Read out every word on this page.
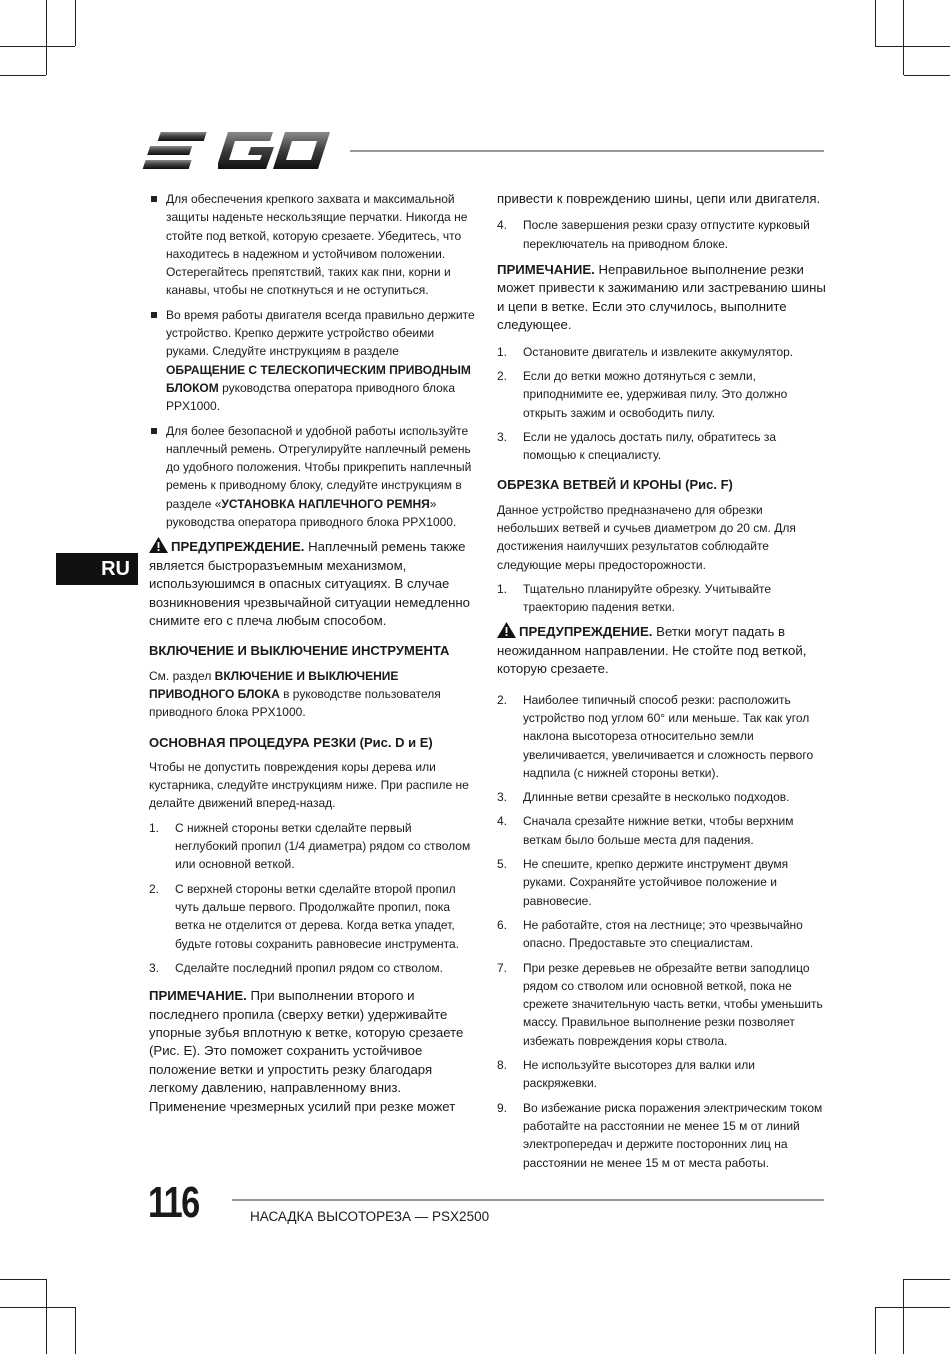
EGO
RU
Для обеспечения крепкого захвата и максимальной защиты наденьте нескользящие перчатки. Никогда не стойте под веткой, которую срезаете. Убедитесь, что находитесь в надежном и устойчивом положении. Остерегайтесь препятствий, таких как пни, корни и канавы, чтобы не споткнуться и не оступиться.
Во время работы двигателя всегда правильно держите устройство. Крепко держите устройство обеими руками. Следуйте инструкциям в разделе ОБРАЩЕНИЕ С ТЕЛЕСКОПИЧЕСКИМ ПРИВОДНЫМ БЛОКОМ руководства оператора приводного блока PPX1000.
Для более безопасной и удобной работы используйте наплечный ремень. Отрегулируйте наплечный ремень до удобного положения. Чтобы прикрепить наплечный ремень к приводному блоку, следуйте инструкциям в разделе «УСТАНОВКА НАПЛЕЧНОГО РЕМНЯ» руководства оператора приводного блока PPX1000.

ПРЕДУПРЕЖДЕНИЕ. Наплечный ремень также является быстроразъемным механизмом, используюшимся в опасных ситуациях. В случае возникновения чрезвычайной ситуации немедленно снимите его с плеча любым способом.

ВКЛЮЧЕНИЕ И ВЫКЛЮЧЕНИЕ ИНСТРУМЕНТА

См. раздел ВКЛЮЧЕНИЕ И ВЫКЛЮЧЕНИЕ ПРИВОДНОГО БЛОКА в руководстве пользователя приводного блока PPX1000.

ОСНОВНАЯ ПРОЦЕДУРА РЕЗКИ (Рис. D и E)

Чтобы не допустить повреждения коры дерева или кустарника, следуйте инструкциям ниже. При распиле не делайте движений вперед-назад.

1. С нижней стороны ветки сделайте первый неглубокий пропил (1/4 диаметра) рядом со стволом или основной веткой.
2. С верхней стороны ветки сделайте второй пропил чуть дальше первого. Продолжайте пропил, пока ветка не отделится от дерева. Когда ветка упадет, будьте готовы сохранить равновесие инструмента.
3. Сделайте последний пропил рядом со стволом.

ПРИМЕЧАНИЕ. При выполнении второго и последнего пропила (сверху ветки) удерживайте упорные зубья вплотную к ветке, которую срезаете (Рис. E). Это поможет сохранить устойчивое положение ветки и упростить резку благодаря легкому давлению, направленному вниз. Применение чрезмерных усилий при резке может

привести к повреждению шины, цепи или двигателя.

4. После завершения резки сразу отпустите курковый переключатель на приводном блоке.

ПРИМЕЧАНИЕ. Неправильное выполнение резки может привести к зажиманию или застреванию шины и цепи в ветке. Если это случилось, выполните следующее.

1. Остановите двигатель и извлеките аккумулятор.
2. Если до ветки можно дотянуться с земли, приподнимите ее, удерживая пилу. Это должно открыть зажим и освободить пилу.
3. Если не удалось достать пилу, обратитесь за помощью к специалисту.
ОБРЕЗКА ВЕТВЕЙ И КРОНЫ (Рис. F)

Данное устройство предназначено для обрезки небольших ветвей и сучьев диаметром до 20 см. Для достижения наилучших результатов соблюдайте следующие меры предосторожности.

1. Тщательно планируйте обрезку. Учитывайте траекторию падения ветки.

ПРЕДУПРЕЖДЕНИЕ. Ветки могут падать в неожиданном направлении. Не стойте под веткой, которую срезаете.

2. Наиболее типичный способ резки: расположить устройство под углом 60° или меньше. Так как угол наклона высотореза относительно земли увеличивается, увеличивается и сложность первого надпила (с нижней стороны ветки).
3. Длинные ветви срезайте в несколько подходов.
4. Сначала срезайте нижние ветки, чтобы верхним веткам было больше места для падения.
5. Не спешите, крепко держите инструмент двумя руками. Сохраняйте устойчивое положение и равновесие.
6. Не работайте, стоя на лестнице; это чрезвычайно опасно. Предоставьте это специалистам.
7. При резке деревьев не обрезайте ветви заподлицо рядом со стволом или основной веткой, пока не срежете значительную часть ветки, чтобы уменьшить массу. Правильное выполнение резки позволяет избежать повреждения коры ствола.
8. Не используйте высоторез для валки или раскряжевки.
9. Во избежание риска поражения электрическим током работайте на расстоянии не менее 15 м от линий электропередач и держите посторонних лиц на расстоянии не менее 15 м от места работы.
116	НАСАДКА ВЫСОТОРЕЗА — PSX2500
